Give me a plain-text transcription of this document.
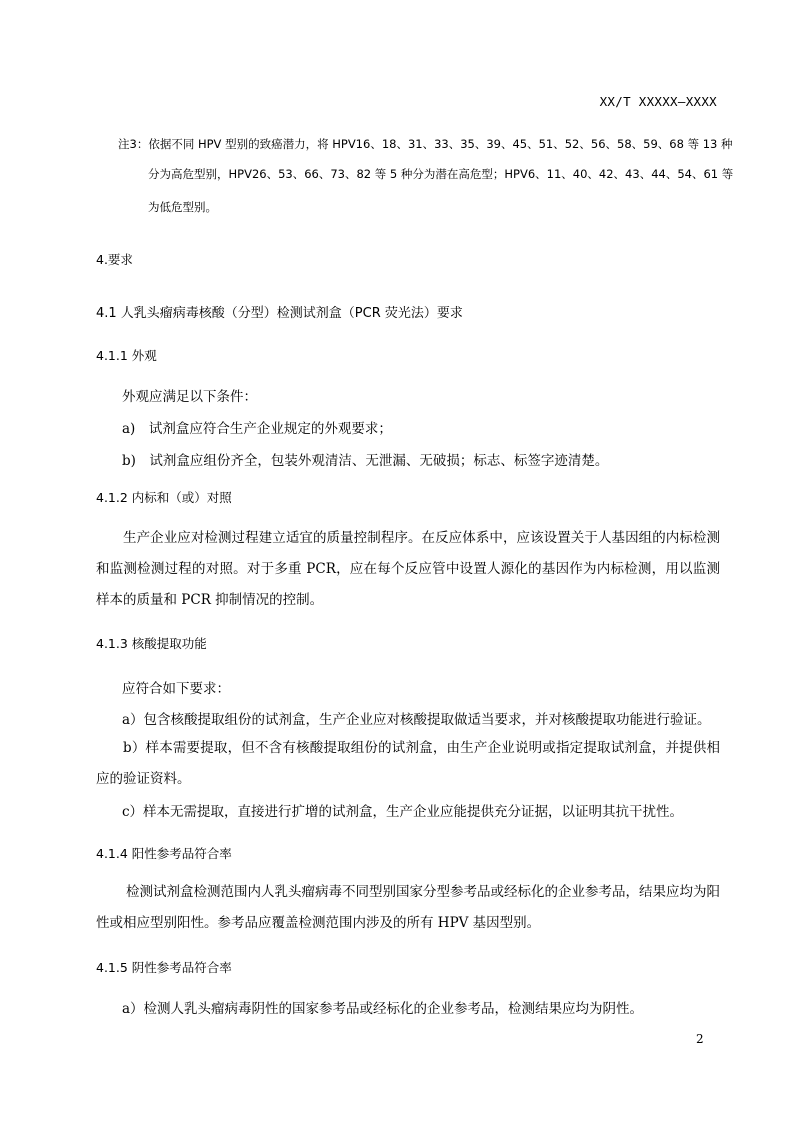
XX/T XXXXX—XXXX
注3：依据不同 HPV 型别的致癌潜力，将 HPV16、18、31、33、35、39、45、51、52、56、58、59、68 等 13 种
分为高危型别，HPV26、53、66、73、82 等 5 种分为潜在高危型；HPV6、11、40、42、43、44、54、61 等
为低危型别。
4.要求
4.1 人乳头瘤病毒核酸（分型）检测试剂盒（PCR 荧光法）要求
4.1.1 外观
外观应满足以下条件：
a)　试剂盒应符合生产企业规定的外观要求；
b)　试剂盒应组份齐全，包装外观清洁、无泄漏、无破损；标志、标签字迹清楚。
4.1.2 内标和（或）对照
生产企业应对检测过程建立适宜的质量控制程序。在反应体系中，应该设置关于人基因组的内标检测和监测检测过程的对照。对于多重 PCR，应在每个反应管中设置人源化的基因作为内标检测，用以监测样本的质量和 PCR 抑制情况的控制。
4.1.3 核酸提取功能
应符合如下要求：
a）包含核酸提取组份的试剂盒，生产企业应对核酸提取做适当要求，并对核酸提取功能进行验证。
b）样本需要提取，但不含有核酸提取组份的试剂盒，由生产企业说明或指定提取试剂盒，并提供相应的验证资料。
c）样本无需提取，直接进行扩增的试剂盒，生产企业应能提供充分证据，以证明其抗干扰性。
4.1.4 阳性参考品符合率
检测试剂盒检测范围内人乳头瘤病毒不同型别国家分型参考品或经标化的企业参考品，结果应均为阳性或相应型别阳性。参考品应覆盖检测范围内涉及的所有 HPV 基因型别。
4.1.5 阴性参考品符合率
a）检测人乳头瘤病毒阴性的国家参考品或经标化的企业参考品，检测结果应均为阴性。
2
